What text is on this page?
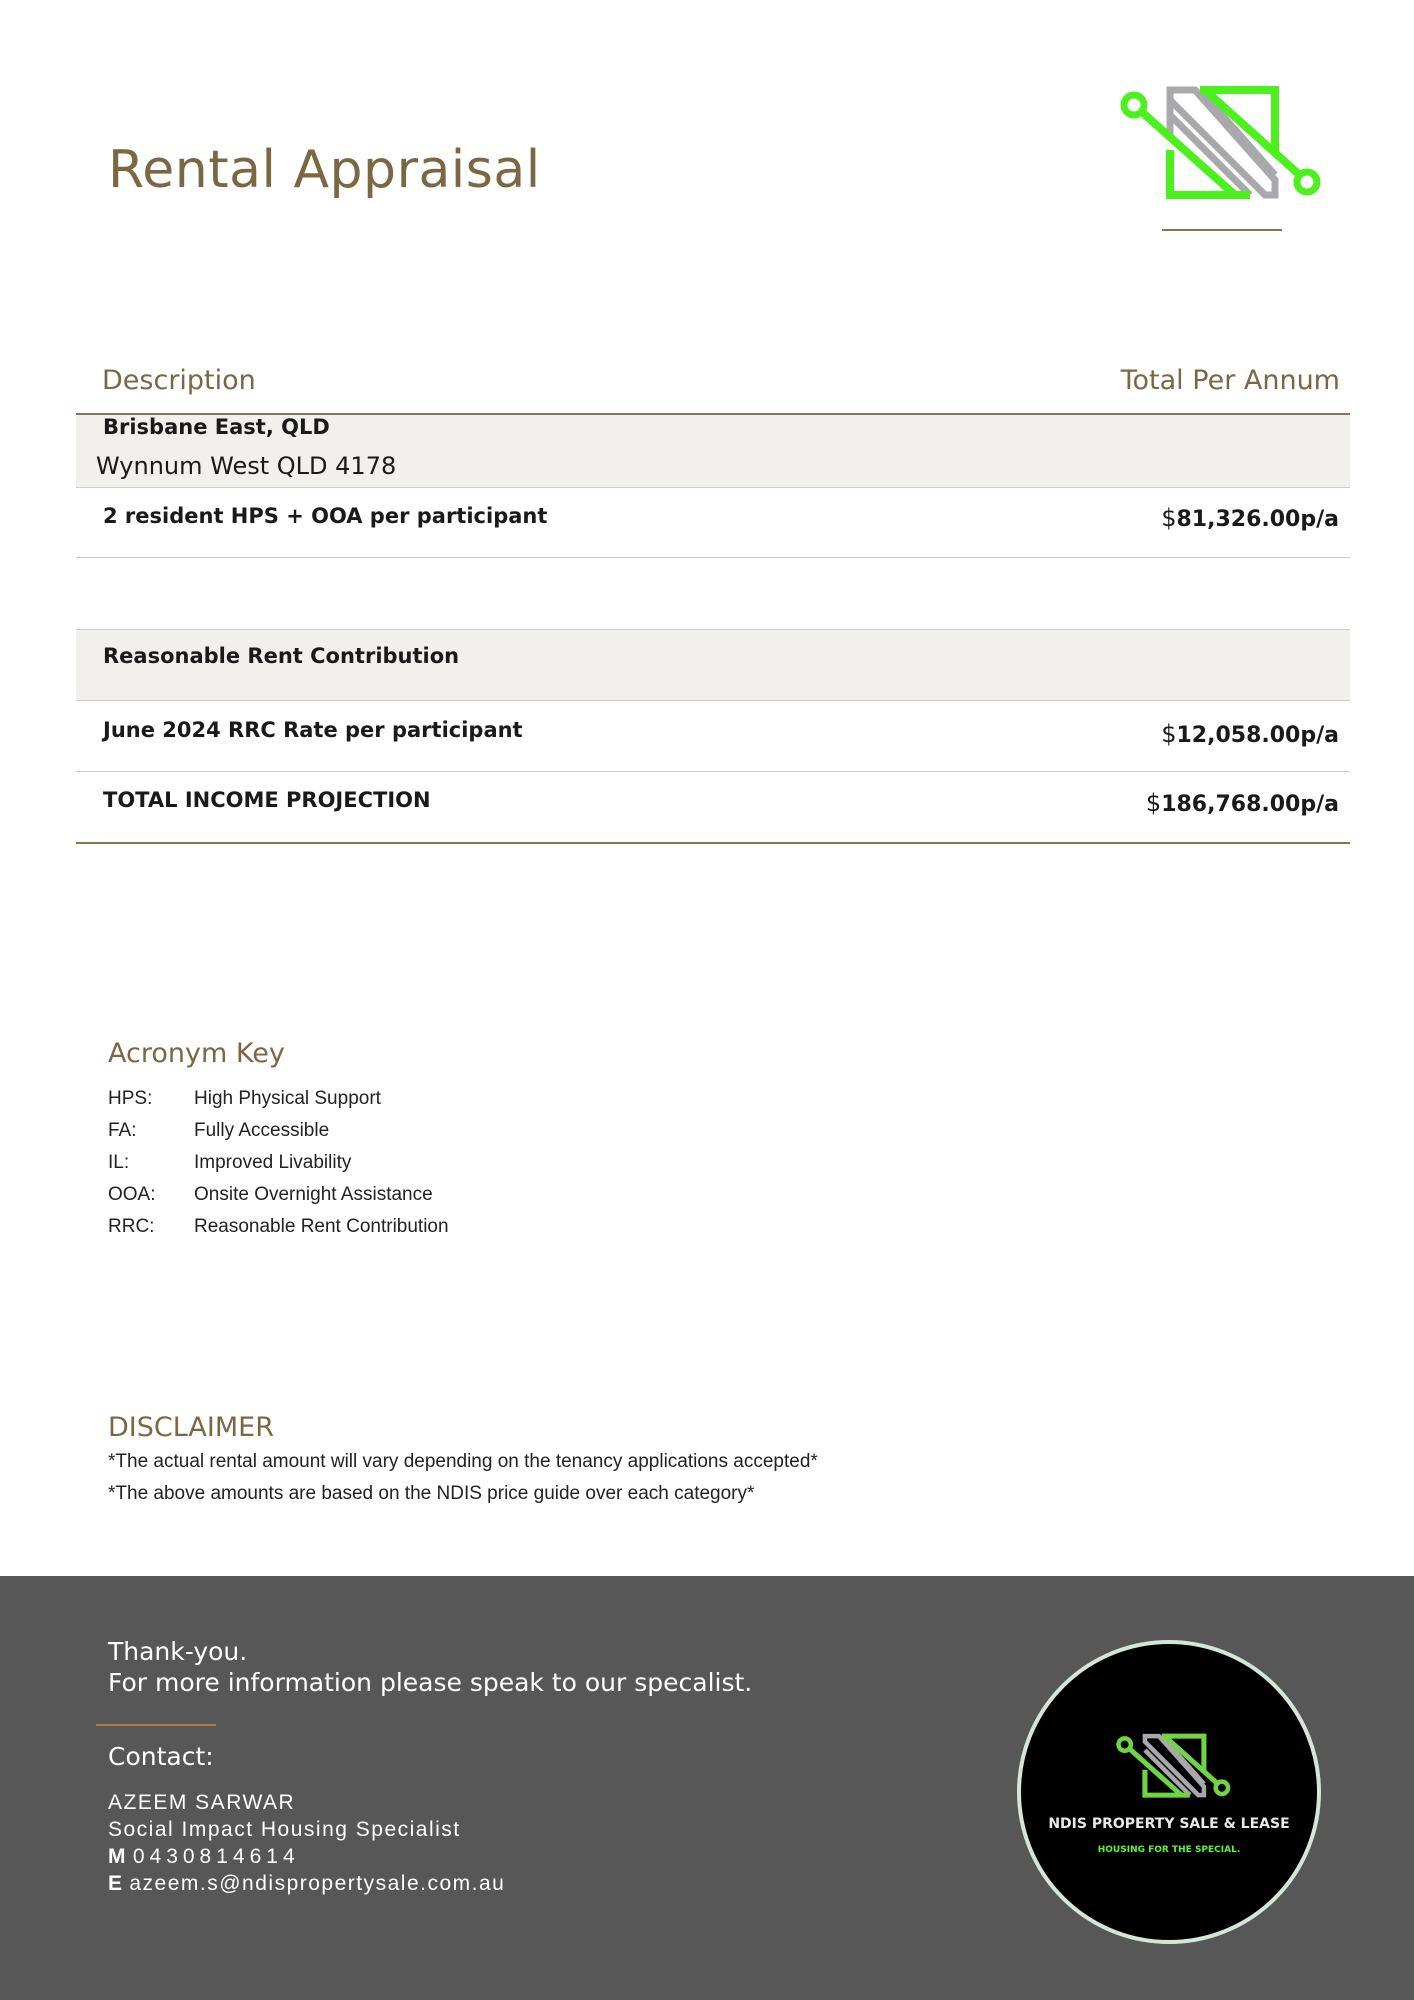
Rental Appraisal
Description	Total Per Annum
Brisbane East, QLD
Wynnum West QLD 4178
2 resident HPS + OOA per participant	$81,326.00p/a
Reasonable Rent Contribution
June 2024 RRC Rate per participant	$12,058.00p/a
TOTAL INCOME PROJECTION	$186,768.00p/a
Acronym Key
HPS: High Physical Support
FA:	Fully Accessible
IL:	Improved Livability
OOA: Onsite Overnight Assistance
RRC: Reasonable Rent Contribution
DISCLAIMER
*The actual rental amount will vary depending on the tenancy applications accepted*
*The above amounts are based on the NDIS price guide over each category*
Thank-you.
For more information please speak to our specalist.
Contact:
AZEEM SARWAR
Social Impact Housing Specialist
M 0430814614
E azeem.s@ndispropertysale.com.au
NDIS PROPERTY SALE & LEASE
HOUSING FOR THE SPECIAL.
